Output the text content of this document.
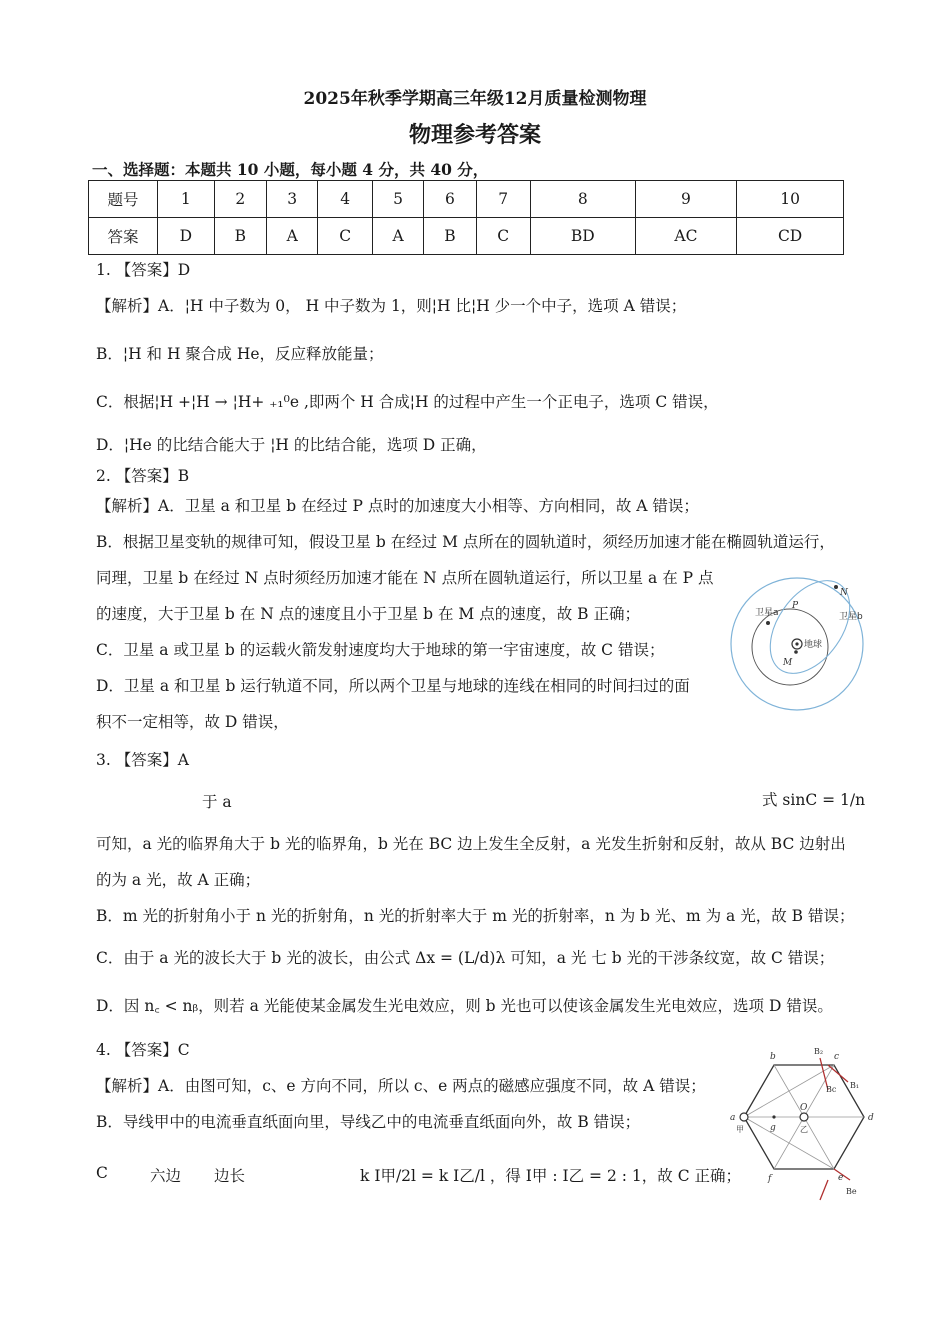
2025年秋季学期高三年级12月质量检测物理
物理参考答案
一、选择题：本题共 10 小题，每小题 4 分，共 40 分，
题号	1	2	3	4	5	6	7	8	9	10
答案	D	B	A	C	A	B	C	BD	AC	CD
1. 【答案】D
【解析】A．¦H 中子数为 0， H 中子数为 1，则¦H 比¦H 少一个中子，选项 A 错误；
B．¦H 和 H 聚合成 He，反应释放能量；
C．根据¦H +¦H → ¦H+ ₊₁⁰e ,即两个 H 合成¦H 的过程中产生一个正电子，选项 C 错误，
D．¦He 的比结合能大于 ¦H 的比结合能，选项 D 正确，
2. 【答案】B
【解析】A．卫星 a 和卫星 b 在经过 P 点时的加速度大小相等、方向相同，故 A 错误；
B．根据卫星变轨的规律可知，假设卫星 b 在经过 M 点所在的圆轨道时，须经历加速才能在椭圆轨道运行，
同理，卫星 b 在经过 N 点时须经历加速才能在 N 点所在圆轨道运行，所以卫星 a 在 P 点
的速度，大于卫星 b 在 N 点的速度且小于卫星 b 在 M 点的速度，故 B 正确；
C．卫星 a 或卫星 b 的运载火箭发射速度均大于地球的第一宇宙速度，故 C 错误；
D．卫星 a 和卫星 b 运行轨道不同，所以两个卫星与地球的连线在相同的时间扫过的面
积不一定相等，故 D 错误，
卫星a	卫星b
地球
P
M
N
3. 【答案】A
于 a	式 sinC = 1/n
可知，a 光的临界角大于 b 光的临界角，b 光在 BC 边上发生全反射，a 光发生折射和反射，故从 BC 边射出
的为 a 光，故 A 正确；
B．m 光的折射角小于 n 光的折射角，n 光的折射率大于 m 光的折射率，n 为 b 光、m 为 a 光，故 B 错误；
C．由于 a 光的波长大于 b 光的波长，由公式 Δx = (L/d)λ 可知，a 光 七 b 光的干涉条纹宽，故 C 错误；
D．因 n꜀ < nᵦ，则若 a 光能使某金属发生光电效应，则 b 光也可以使该金属发生光电效应，选项 D 错误。
4. 【答案】C
【解析】A．由图可知，c、e 方向不同，所以 c、e 两点的磁感应强度不同，故 A 错误；
B．导线甲中的电流垂直纸面向里，导线乙中的电流垂直纸面向外，故 B 错误；
C	六边 边长	k I甲/2l = k I乙/l ，得 I甲 : I乙 = 2 : 1，故 C 正确；
a
b	c
d
e
f
g
O
甲	乙
B₂
B₁
Bc
Be
